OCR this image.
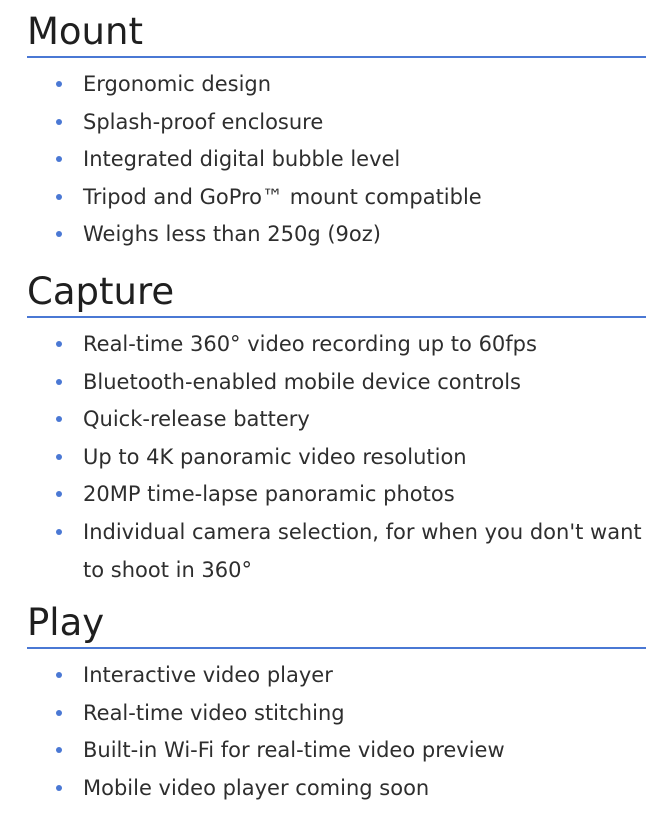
Mount
Ergonomic design
Splash-proof enclosure
Integrated digital bubble level
Tripod and GoPro™ mount compatible
Weighs less than 250g (9oz)
Capture
Real-time 360° video recording up to 60fps
Bluetooth-enabled mobile device controls
Quick-release battery
Up to 4K panoramic video resolution
20MP time-lapse panoramic photos
Individual camera selection, for when you don't want to shoot in 360°
Play
Interactive video player
Real-time video stitching
Built-in Wi-Fi for real-time video preview
Mobile video player coming soon
